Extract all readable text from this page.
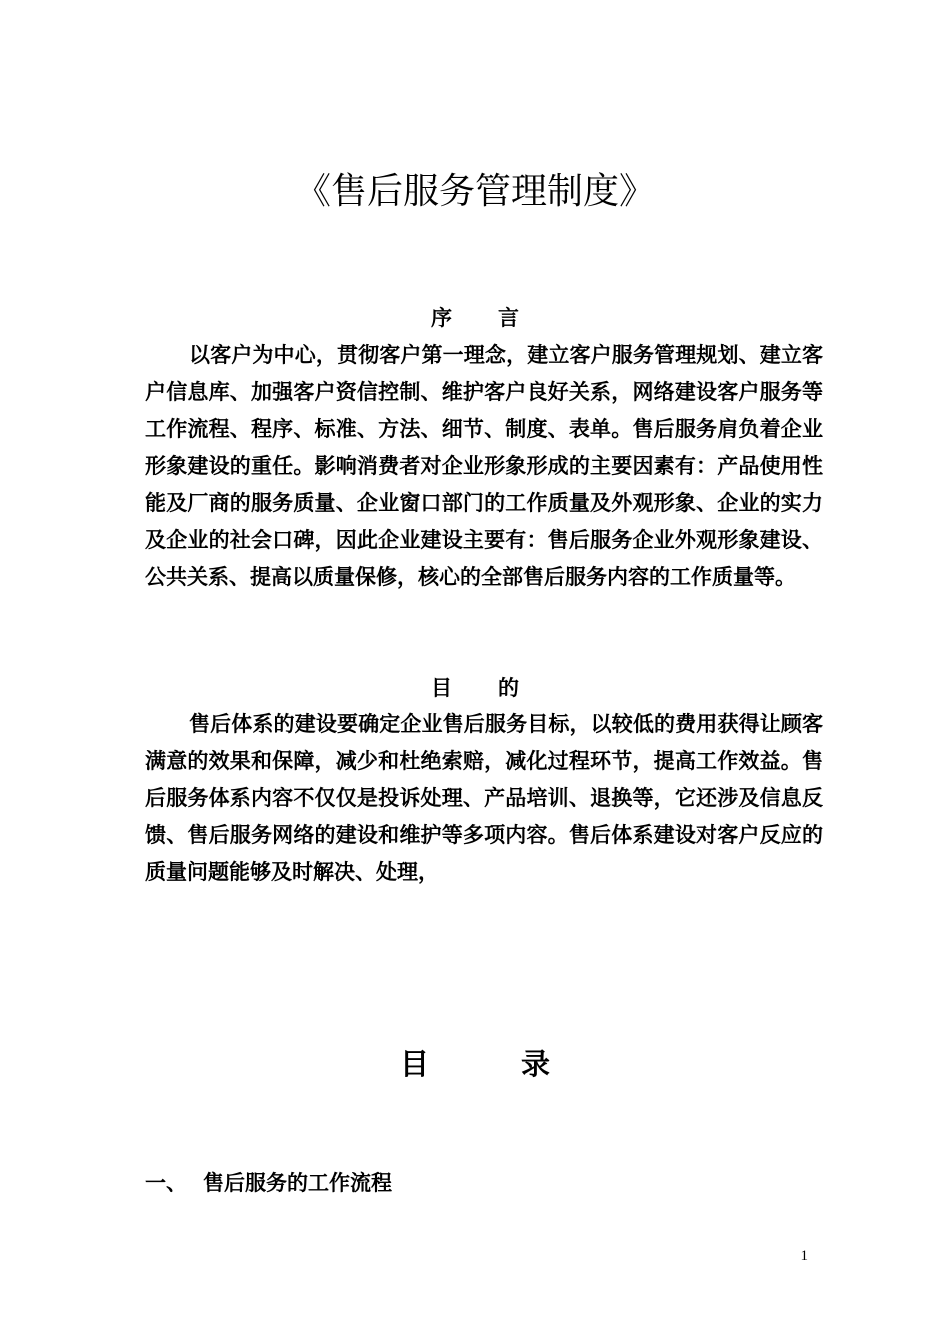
《售后服务管理制度》
序 言

以客户为中心，贯彻客户第一理念，建立客户服务管理规划、建立客户信息库、加强客户资信控制、维护客户良好关系，网络建设客户服务等工作流程、程序、标准、方法、细节、制度、表单。售后服务肩负着企业形象建设的重任。影响消费者对企业形象形成的主要因素有：产品使用性能及厂商的服务质量、企业窗口部门的工作质量及外观形象、企业的实力及企业的社会口碑，因此企业建设主要有：售后服务企业外观形象建设、公共关系、提高以质量保修，核心的全部售后服务内容的工作质量等。

目 的

售后体系的建设要确定企业售后服务目标，以较低的费用获得让顾客满意的效果和保障，减少和杜绝索赔，减化过程环节，提高工作效益。售后服务体系内容不仅仅是投诉处理、产品培训、退换等，它还涉及信息反馈、售后服务网络的建设和维护等多项内容。售后体系建设对客户反应的质量问题能够及时解决、处理，

目	录
一、 售后服务的工作流程
1
